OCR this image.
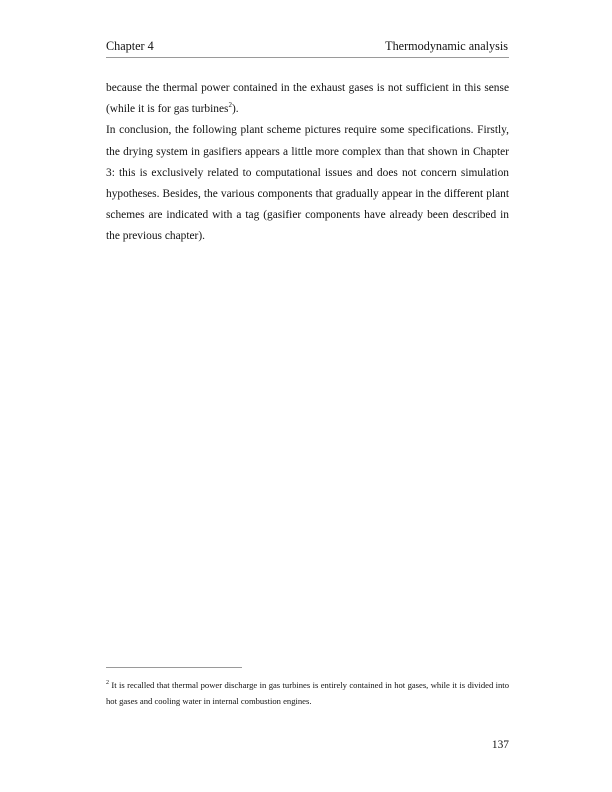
Chapter 4	Thermodynamic analysis

because the thermal power contained in the exhaust gases is not sufficient in this sense (while it is for gas turbines$^2$).

In conclusion, the following plant scheme pictures require some specifications. Firstly, the drying system in gasifiers appears a little more complex than that shown in Chapter 3: this is exclusively related to computational issues and does not concern simulation hypotheses. Besides, the various components that gradually appear in the different plant schemes are indicated with a tag (gasifier components have already been described in the previous chapter).

$^2$ It is recalled that thermal power discharge in gas turbines is entirely contained in hot gases, while it is divided into hot gases and cooling water in internal combustion engines.
137
